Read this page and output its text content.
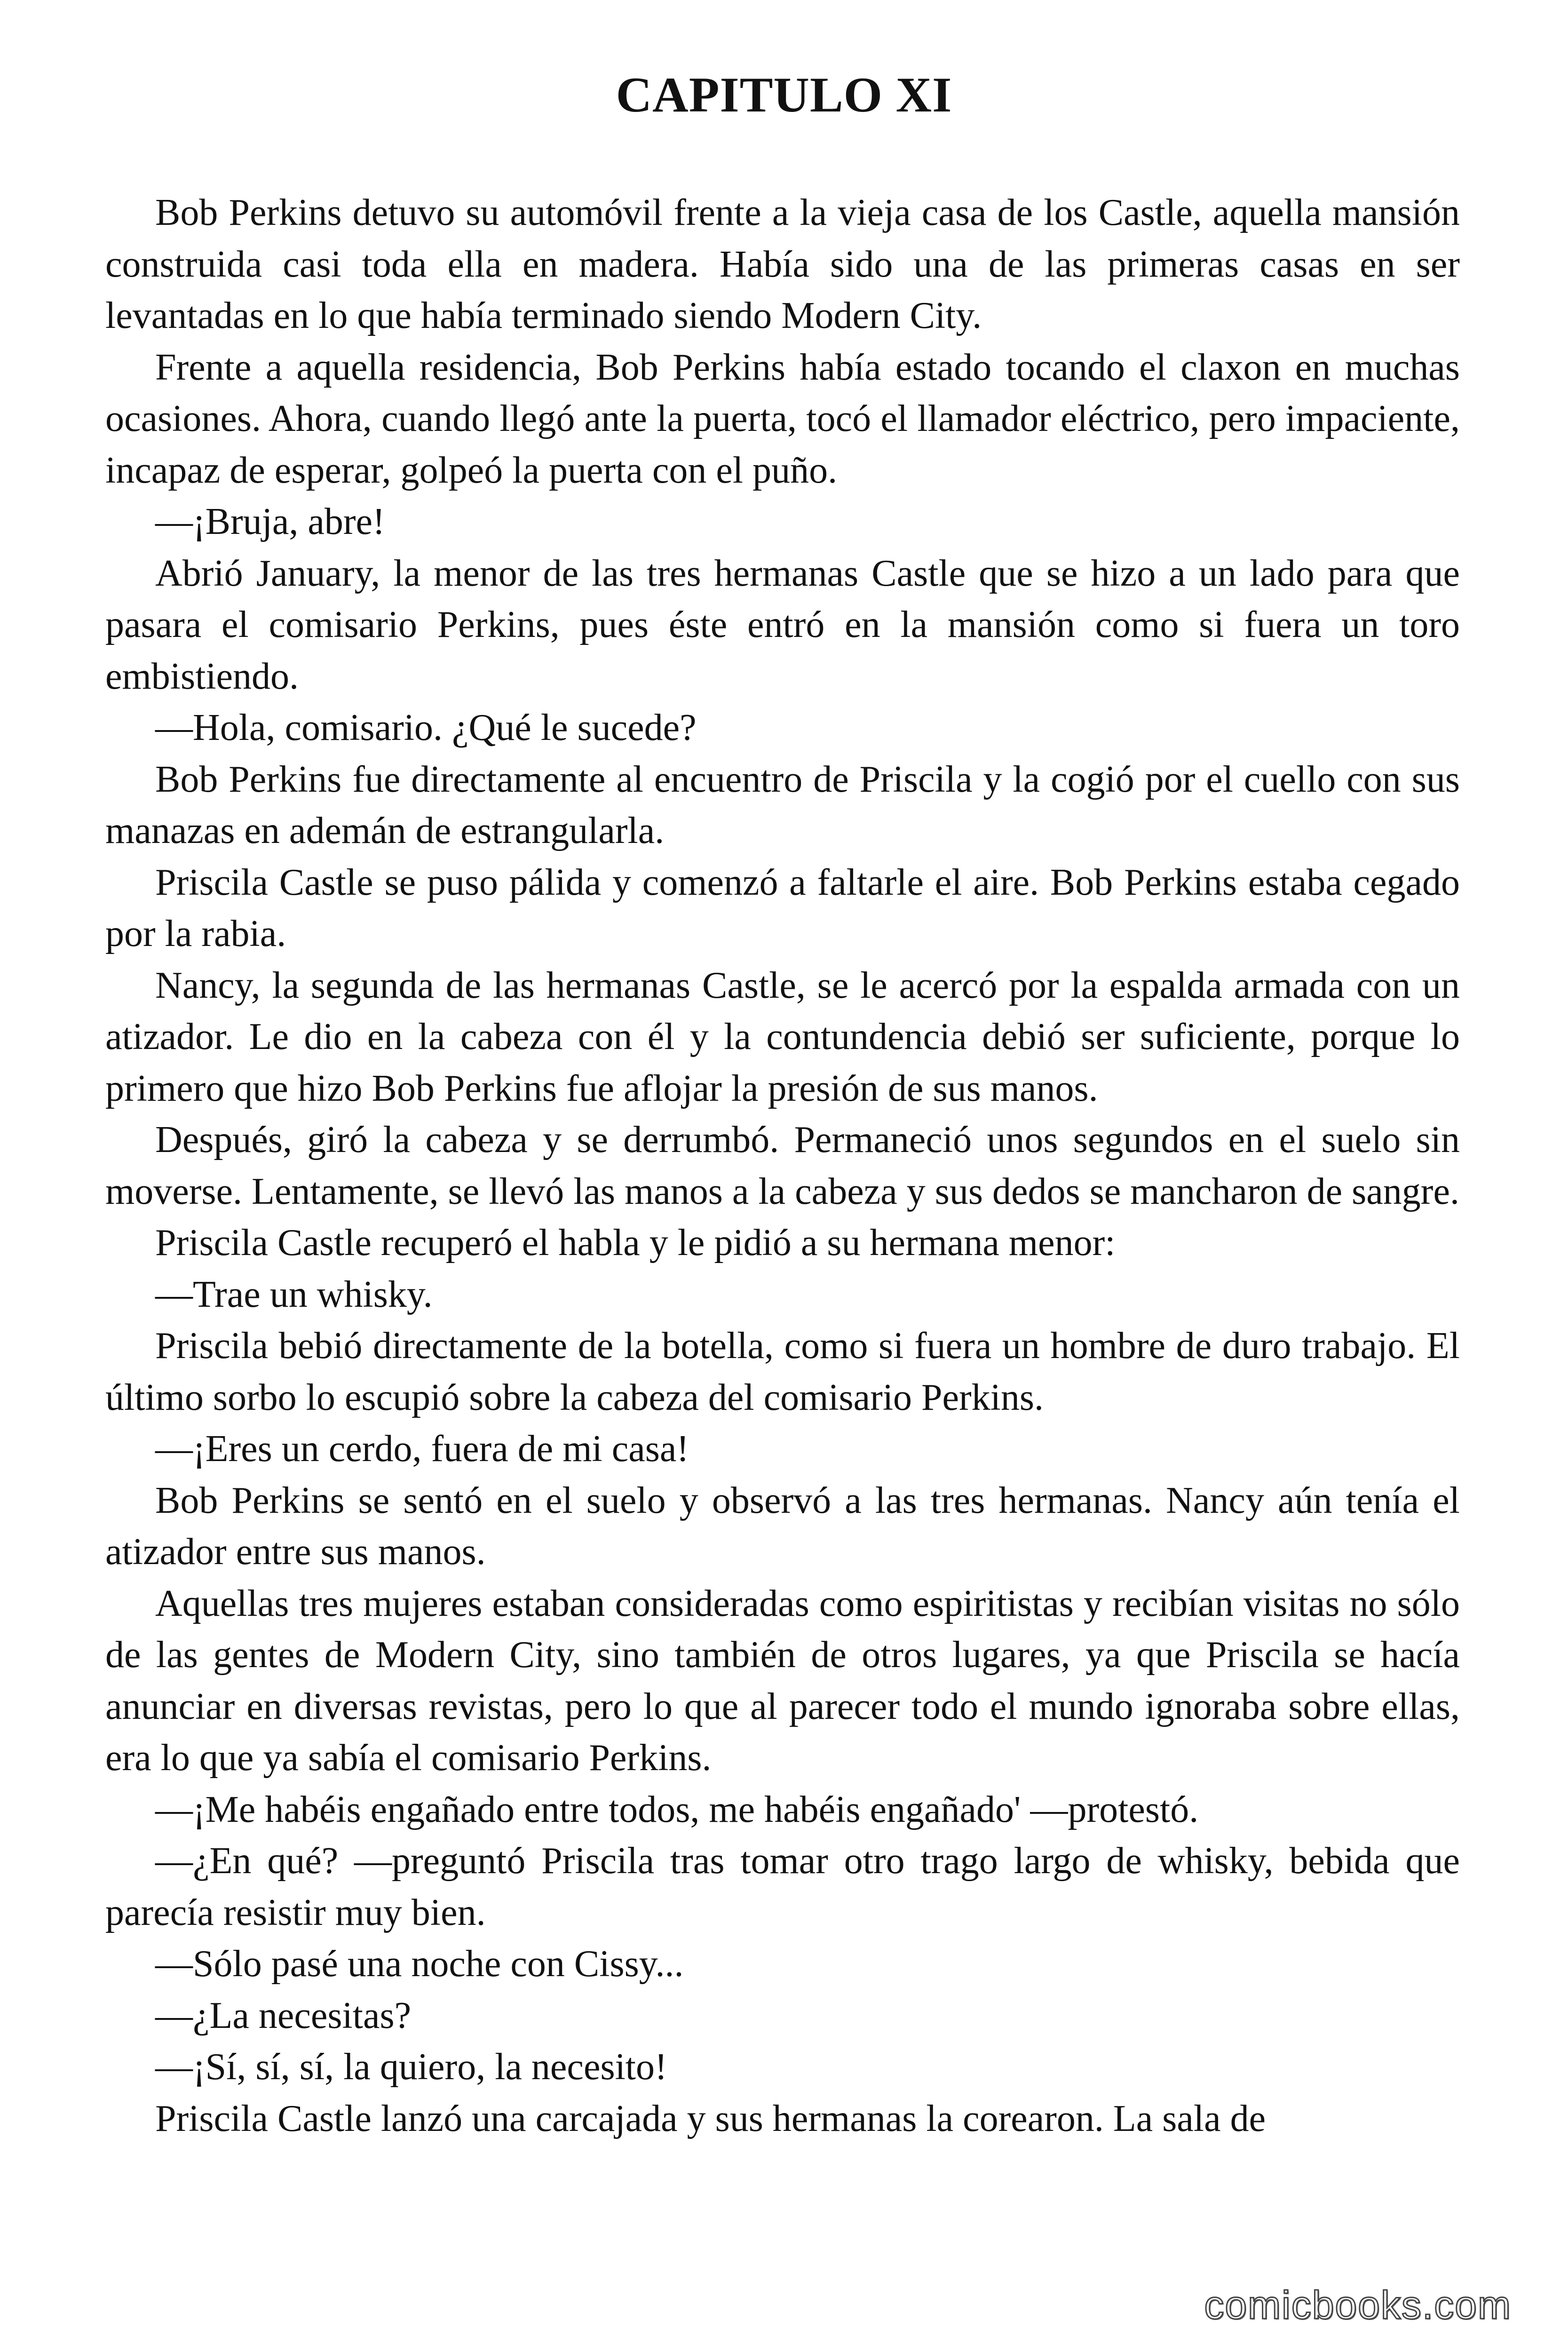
CAPITULO XI

Bob Perkins detuvo su automóvil frente a la vieja casa de los Castle, aquella mansión construida casi toda ella en madera. Había sido una de las primeras casas en ser levantadas en lo que había terminado siendo Modern City.

Frente a aquella residencia, Bob Perkins había estado tocando el claxon en muchas ocasiones. Ahora, cuando llegó ante la puerta, tocó el llamador eléctrico, pero impaciente, incapaz de esperar, golpeó la puerta con el puño.

—¡Bruja, abre!

Abrió January, la menor de las tres hermanas Castle que se hizo a un lado para que pasara el comisario Perkins, pues éste entró en la mansión como si fuera un toro embistiendo.

—Hola, comisario. ¿Qué le sucede?

Bob Perkins fue directamente al encuentro de Priscila y la cogió por el cuello con sus manazas en ademán de estrangularla.

Priscila Castle se puso pálida y comenzó a faltarle el aire. Bob Perkins estaba cegado por la rabia.

Nancy, la segunda de las hermanas Castle, se le acercó por la espalda armada con un atizador. Le dio en la cabeza con él y la contundencia debió ser suficiente, porque lo primero que hizo Bob Perkins fue aflojar la presión de sus manos.

Después, giró la cabeza y se derrumbó. Permaneció unos segundos en el suelo sin moverse. Lentamente, se llevó las manos a la cabeza y sus dedos se mancharon de sangre.

Priscila Castle recuperó el habla y le pidió a su hermana menor:

—Trae un whisky.

Priscila bebió directamente de la botella, como si fuera un hombre de duro trabajo. El último sorbo lo escupió sobre la cabeza del comisario Perkins.

—¡Eres un cerdo, fuera de mi casa!

Bob Perkins se sentó en el suelo y observó a las tres hermanas. Nancy aún tenía el atizador entre sus manos.

Aquellas tres mujeres estaban consideradas como espiritistas y recibían visitas no sólo de las gentes de Modern City, sino también de otros lugares, ya que Priscila se hacía anunciar en diversas revistas, pero lo que al parecer todo el mundo ignoraba sobre ellas, era lo que ya sabía el comisario Perkins.

—¡Me habéis engañado entre todos, me habéis engañado' —protestó.

—¿En qué? —preguntó Priscila tras tomar otro trago largo de whisky, bebida que parecía resistir muy bien.

—Sólo pasé una noche con Cissy...

—¿La necesitas?

—¡Sí, sí, sí, la quiero, la necesito!

Priscila Castle lanzó una carcajada y sus hermanas la corearon. La sala de

comicbooks.com
